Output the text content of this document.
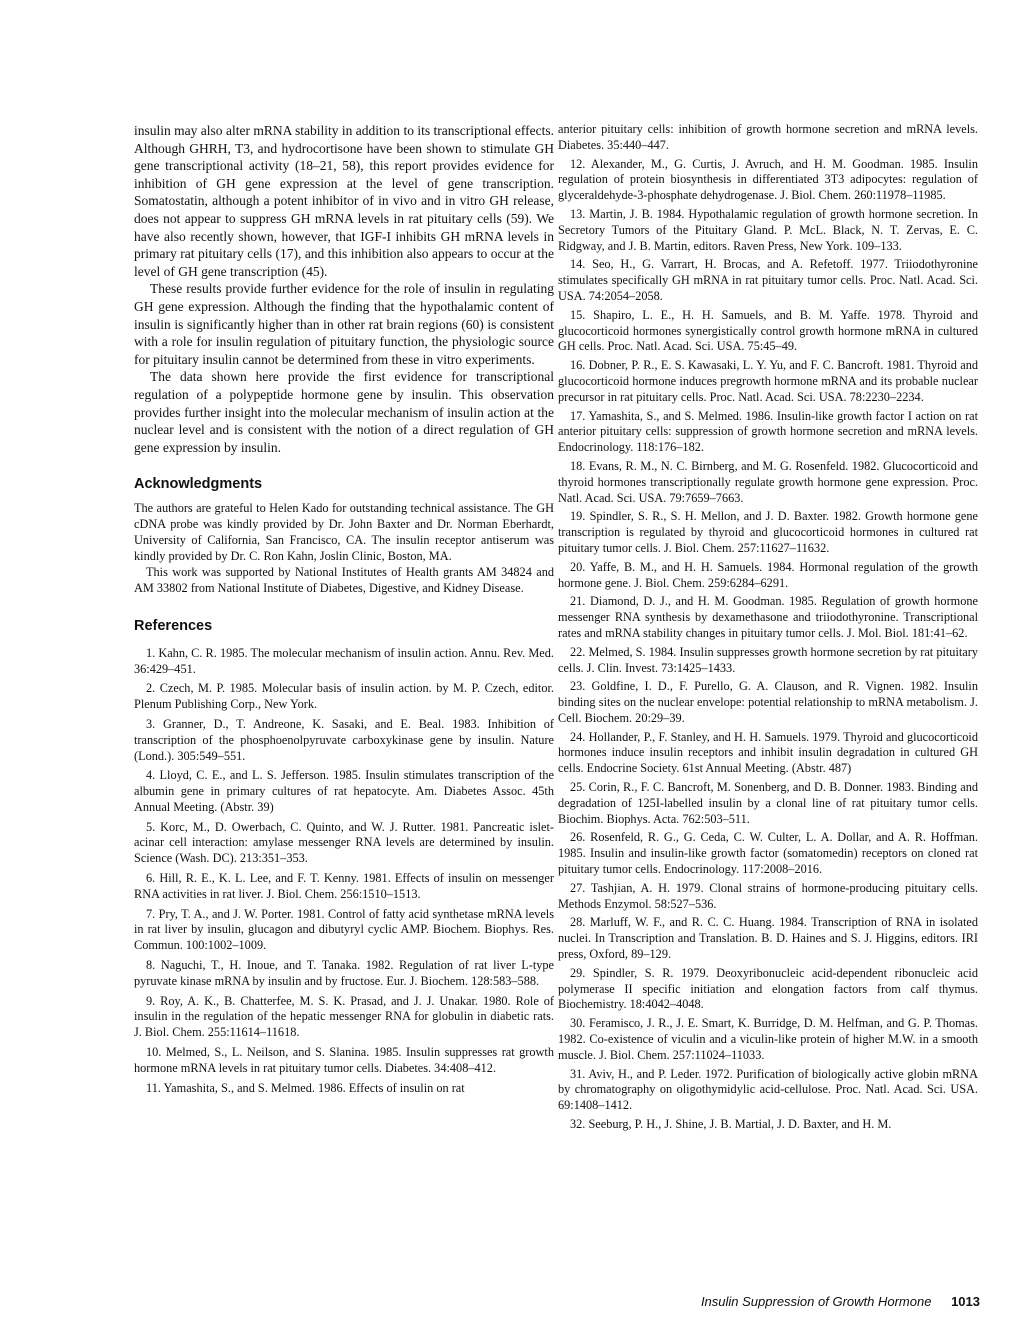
insulin may also alter mRNA stability in addition to its transcriptional effects. Although GHRH, T3, and hydrocortisone have been shown to stimulate GH gene transcriptional activity (18–21, 58), this report provides evidence for inhibition of GH gene expression at the level of gene transcription. Somatostatin, although a potent inhibitor of in vivo and in vitro GH release, does not appear to suppress GH mRNA levels in rat pituitary cells (59). We have also recently shown, however, that IGF-I inhibits GH mRNA levels in primary rat pituitary cells (17), and this inhibition also appears to occur at the level of GH gene transcription (45).

These results provide further evidence for the role of insulin in regulating GH gene expression. Although the finding that the hypothalamic content of insulin is significantly higher than in other rat brain regions (60) is consistent with a role for insulin regulation of pituitary function, the physiologic source for pituitary insulin cannot be determined from these in vitro experiments.

The data shown here provide the first evidence for transcriptional regulation of a polypeptide hormone gene by insulin. This observation provides further insight into the molecular mechanism of insulin action at the nuclear level and is consistent with the notion of a direct regulation of GH gene expression by insulin.

Acknowledgments

The authors are grateful to Helen Kado for outstanding technical assistance. The GH cDNA probe was kindly provided by Dr. John Baxter and Dr. Norman Eberhardt, University of California, San Francisco, CA. The insulin receptor antiserum was kindly provided by Dr. C. Ron Kahn, Joslin Clinic, Boston, MA.

This work was supported by National Institutes of Health grants AM 34824 and AM 33802 from National Institute of Diabetes, Digestive, and Kidney Disease.

References

1. Kahn, C. R. 1985. The molecular mechanism of insulin action. Annu. Rev. Med. 36:429–451.

2. Czech, M. P. 1985. Molecular basis of insulin action. by M. P. Czech, editor. Plenum Publishing Corp., New York.

3. Granner, D., T. Andreone, K. Sasaki, and E. Beal. 1983. Inhibition of transcription of the phosphoenolpyruvate carboxykinase gene by insulin. Nature (Lond.). 305:549–551.

4. Lloyd, C. E., and L. S. Jefferson. 1985. Insulin stimulates transcription of the albumin gene in primary cultures of rat hepatocyte. Am. Diabetes Assoc. 45th Annual Meeting. (Abstr. 39)

5. Korc, M., D. Owerbach, C. Quinto, and W. J. Rutter. 1981. Pancreatic islet-acinar cell interaction: amylase messenger RNA levels are determined by insulin. Science (Wash. DC). 213:351–353.

6. Hill, R. E., K. L. Lee, and F. T. Kenny. 1981. Effects of insulin on messenger RNA activities in rat liver. J. Biol. Chem. 256:1510–1513.

7. Pry, T. A., and J. W. Porter. 1981. Control of fatty acid synthetase mRNA levels in rat liver by insulin, glucagon and dibutyryl cyclic AMP. Biochem. Biophys. Res. Commun. 100:1002–1009.

8. Naguchi, T., H. Inoue, and T. Tanaka. 1982. Regulation of rat liver L-type pyruvate kinase mRNA by insulin and by fructose. Eur. J. Biochem. 128:583–588.

9. Roy, A. K., B. Chatterfee, M. S. K. Prasad, and J. J. Unakar. 1980. Role of insulin in the regulation of the hepatic messenger RNA for globulin in diabetic rats. J. Biol. Chem. 255:11614–11618.

10. Melmed, S., L. Neilson, and S. Slanina. 1985. Insulin suppresses rat growth hormone mRNA levels in rat pituitary tumor cells. Diabetes. 34:408–412.

11. Yamashita, S., and S. Melmed. 1986. Effects of insulin on rat

anterior pituitary cells: inhibition of growth hormone secretion and mRNA levels. Diabetes. 35:440–447.

12. Alexander, M., G. Curtis, J. Avruch, and H. M. Goodman. 1985. Insulin regulation of protein biosynthesis in differentiated 3T3 adipocytes: regulation of glyceraldehyde-3-phosphate dehydrogenase. J. Biol. Chem. 260:11978–11985.

13. Martin, J. B. 1984. Hypothalamic regulation of growth hormone secretion. In Secretory Tumors of the Pituitary Gland. P. McL. Black, N. T. Zervas, E. C. Ridgway, and J. B. Martin, editors. Raven Press, New York. 109–133.

14. Seo, H., G. Varrart, H. Brocas, and A. Refetoff. 1977. Triiodothyronine stimulates specifically GH mRNA in rat pituitary tumor cells. Proc. Natl. Acad. Sci. USA. 74:2054–2058.

15. Shapiro, L. E., H. H. Samuels, and B. M. Yaffe. 1978. Thyroid and glucocorticoid hormones synergistically control growth hormone mRNA in cultured GH cells. Proc. Natl. Acad. Sci. USA. 75:45–49.

16. Dobner, P. R., E. S. Kawasaki, L. Y. Yu, and F. C. Bancroft. 1981. Thyroid and glucocorticoid hormone induces pregrowth hormone mRNA and its probable nuclear precursor in rat pituitary cells. Proc. Natl. Acad. Sci. USA. 78:2230–2234.

17. Yamashita, S., and S. Melmed. 1986. Insulin-like growth factor I action on rat anterior pituitary cells: suppression of growth hormone secretion and mRNA levels. Endocrinology. 118:176–182.

18. Evans, R. M., N. C. Birnberg, and M. G. Rosenfeld. 1982. Glucocorticoid and thyroid hormones transcriptionally regulate growth hormone gene expression. Proc. Natl. Acad. Sci. USA. 79:7659–7663.

19. Spindler, S. R., S. H. Mellon, and J. D. Baxter. 1982. Growth hormone gene transcription is regulated by thyroid and glucocorticoid hormones in cultured rat pituitary tumor cells. J. Biol. Chem. 257:11627–11632.

20. Yaffe, B. M., and H. H. Samuels. 1984. Hormonal regulation of the growth hormone gene. J. Biol. Chem. 259:6284–6291.

21. Diamond, D. J., and H. M. Goodman. 1985. Regulation of growth hormone messenger RNA synthesis by dexamethasone and triiodothyronine. Transcriptional rates and mRNA stability changes in pituitary tumor cells. J. Mol. Biol. 181:41–62.

22. Melmed, S. 1984. Insulin suppresses growth hormone secretion by rat pituitary cells. J. Clin. Invest. 73:1425–1433.

23. Goldfine, I. D., F. Purello, G. A. Clauson, and R. Vignen. 1982. Insulin binding sites on the nuclear envelope: potential relationship to mRNA metabolism. J. Cell. Biochem. 20:29–39.

24. Hollander, P., F. Stanley, and H. H. Samuels. 1979. Thyroid and glucocorticoid hormones induce insulin receptors and inhibit insulin degradation in cultured GH cells. Endocrine Society. 61st Annual Meeting. (Abstr. 487)

25. Corin, R., F. C. Bancroft, M. Sonenberg, and D. B. Donner. 1983. Binding and degradation of 125I-labelled insulin by a clonal line of rat pituitary tumor cells. Biochim. Biophys. Acta. 762:503–511.

26. Rosenfeld, R. G., G. Ceda, C. W. Culter, L. A. Dollar, and A. R. Hoffman. 1985. Insulin and insulin-like growth factor (somatomedin) receptors on cloned rat pituitary tumor cells. Endocrinology. 117:2008–2016.

27. Tashjian, A. H. 1979. Clonal strains of hormone-producing pituitary cells. Methods Enzymol. 58:527–536.

28. Marluff, W. F., and R. C. C. Huang. 1984. Transcription of RNA in isolated nuclei. In Transcription and Translation. B. D. Haines and S. J. Higgins, editors. IRI press, Oxford, 89–129.

29. Spindler, S. R. 1979. Deoxyribonucleic acid-dependent ribonucleic acid polymerase II specific initiation and elongation factors from calf thymus. Biochemistry. 18:4042–4048.

30. Feramisco, J. R., J. E. Smart, K. Burridge, D. M. Helfman, and G. P. Thomas. 1982. Co-existence of viculin and a viculin-like protein of higher M.W. in a smooth muscle. J. Biol. Chem. 257:11024–11033.

31. Aviv, H., and P. Leder. 1972. Purification of biologically active globin mRNA by chromatography on oligothymidylic acid-cellulose. Proc. Natl. Acad. Sci. USA. 69:1408–1412.

32. Seeburg, P. H., J. Shine, J. B. Martial, J. D. Baxter, and H. M.

Insulin Suppression of Growth Hormone 1013
